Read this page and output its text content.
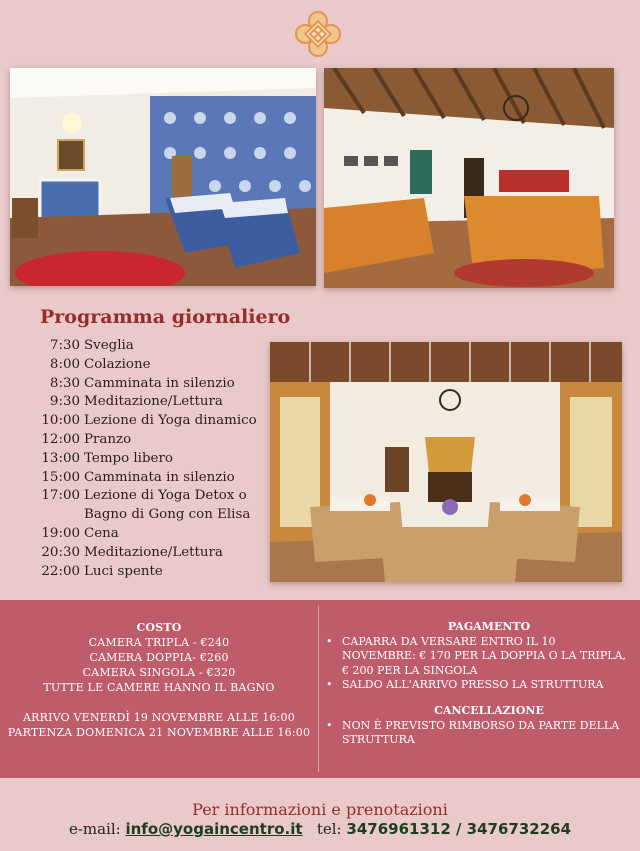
Programma giornaliero
7:30 Sveglia
8:00 Colazione
8:30 Camminata in silenzio
9:30 Meditazione/Lettura
10:00 Lezione di Yoga dinamico
12:00 Pranzo
13:00 Tempo libero
15:00 Camminata in silenzio
17:00 Lezione di Yoga Detox o
Bagno di Gong con Elisa
19:00 Cena
20:30 Meditazione/Lettura
22:00 Luci spente
COSTO
CAMERA TRIPLA - €240
CAMERA DOPPIA- €260
CAMERA SINGOLA - €320
TUTTE LE CAMERE HANNO IL BAGNO
ARRIVO VENERDÌ 19 NOVEMBRE ALLE 16:00
PARTENZA DOMENICA 21 NOVEMBRE ALLE 16:00
PAGAMENTO
• CAPARRA DA VERSARE ENTRO IL 10 NOVEMBRE: € 170 PER LA DOPPIA O LA TRIPLA, € 200 PER LA SINGOLA
• SALDO ALL'ARRIVO PRESSO LA STRUTTURA
CANCELLAZIONE
• NON È PREVISTO RIMBORSO DA PARTE DELLA STRUTTURA
Per informazioni e prenotazioni
e-mail: info@yogaincentro.it tel: 3476961312 / 3476732264
